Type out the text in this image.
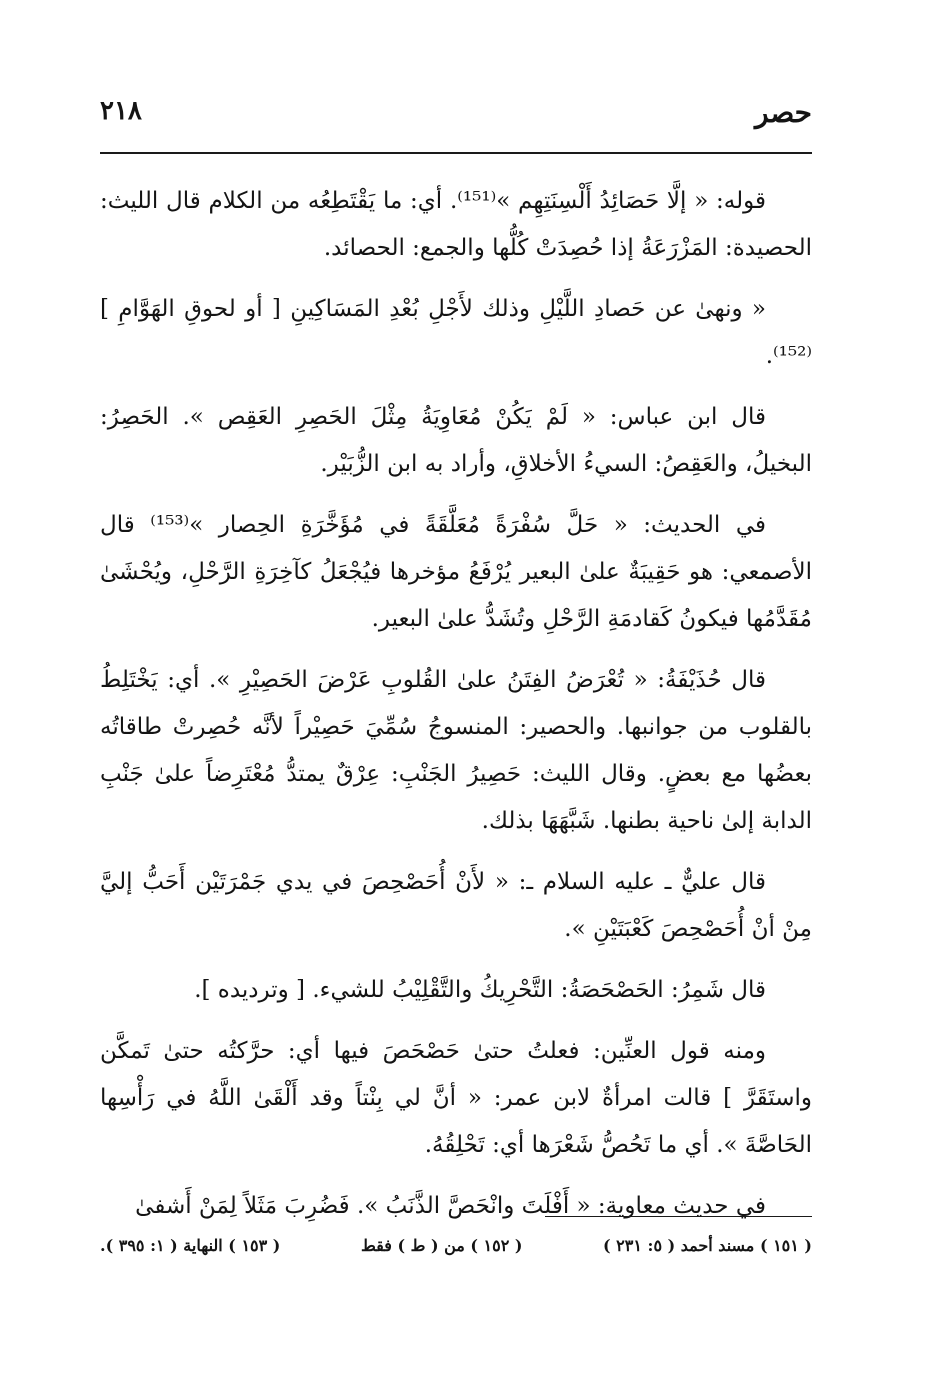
٢١٨	حصر

قوله: « إلَّا حَصَائِدُ أَلْسِنَتِهِم »⁽¹⁵¹⁾. أي: ما يَقْتَطِعُه من الكلام قال الليث: الحصيدة: المَزْرَعَةُ إذا حُصِدَتْ كُلُّها والجمع: الحصائد.

« ونهىٰ عن حَصادِ اللَّيْلِ وذلك لأَجْلِ بُعْدِ المَسَاكِينِ [ أو لحوقِ الهَوَّامِ ]⁽¹⁵²⁾.

قال ابن عباس: « لَمْ يَكُنْ مُعَاوِيَةُ مِثْلَ الحَصِرِ العَقِص ». الحَصِرُ: البخيلُ، والعَقِصُ: السيءُ الأخلاقِ، وأراد به ابن الزُّبَيْر.

في الحديث: « حَلَّ سُفْرَةً مُعَلَّقَةً في مُؤَخَّرَةِ الحِصار »⁽¹⁵³⁾ قال الأصمعي: هو حَقِيبَةٌ علىٰ البعير يُرْفَعُ مؤخرها فيُجْعَلُ كآخِرَةِ الرَّحْلِ، ويُحْشَىٰ مُقَدَّمُها فيكونُ كَقادمَةِ الرَّحْلِ وتُشَدُّ علىٰ البعير.

قال حُذَيْفَةُ: « تُعْرَضُ الفِتَنُ علىٰ القُلوبِ عَرْضَ الحَصِيْرِ ». أي: يَخْتَلِطُ بالقلوب من جوانبها. والحصير: المنسوجُ سُمِّيَ حَصِيْراً لأنَّه حُصِرتْ طاقاتُه بعضُها مع بعضٍ. وقال الليث: حَصِيرُ الجَنْبِ: عِرْقٌ يمتدُّ مُعْتَرِضاً علىٰ جَنْبِ الدابة إلىٰ ناحية بطنها. شَبَّهَهَا بذلك.

قال عليٌّ ـ عليه السلام ـ: « لأَنْ أُحَصْحِصَ في يدي جَمْرَتَيْن أَحَبُّ إليَّ مِنْ أنْ أُحَصْحِصَ كَعْبَتَيْنِ ».

قال شَمِرُ: الحَصْحَصَةُ: التَّحْرِيكُ والتَّقْلِيْبُ للشيء. [ وترديده ].

ومنه قول العنِّين: فعلتُ حتىٰ حَصْحَصَ فيها أي: حرَّكتُه حتىٰ تَمكَّن واستَقَرَّ ] قالت امرأةٌ لابن عمر: « أنَّ لي بِنْتاً وقد أَلْقَىٰ اللَّهُ في رَأْسِها الحَاصَّةَ ». أي ما تَحُصُّ شَعْرَها أي: تَحْلِقُهُ.

في حديث معاوية: « أَفْلَتَ وانْحَصَّ الذَّنَبُ ». فَضُرِبَ مَثَلاً لِمَنْ أَشفىٰ

( ١٥١ ) مسند أحمد ( ٥: ٢٣١ )
( ١٥٢ ) من ( ط ) فقط
( ١٥٣ ) النهاية ( ١: ٣٩٥ ).
